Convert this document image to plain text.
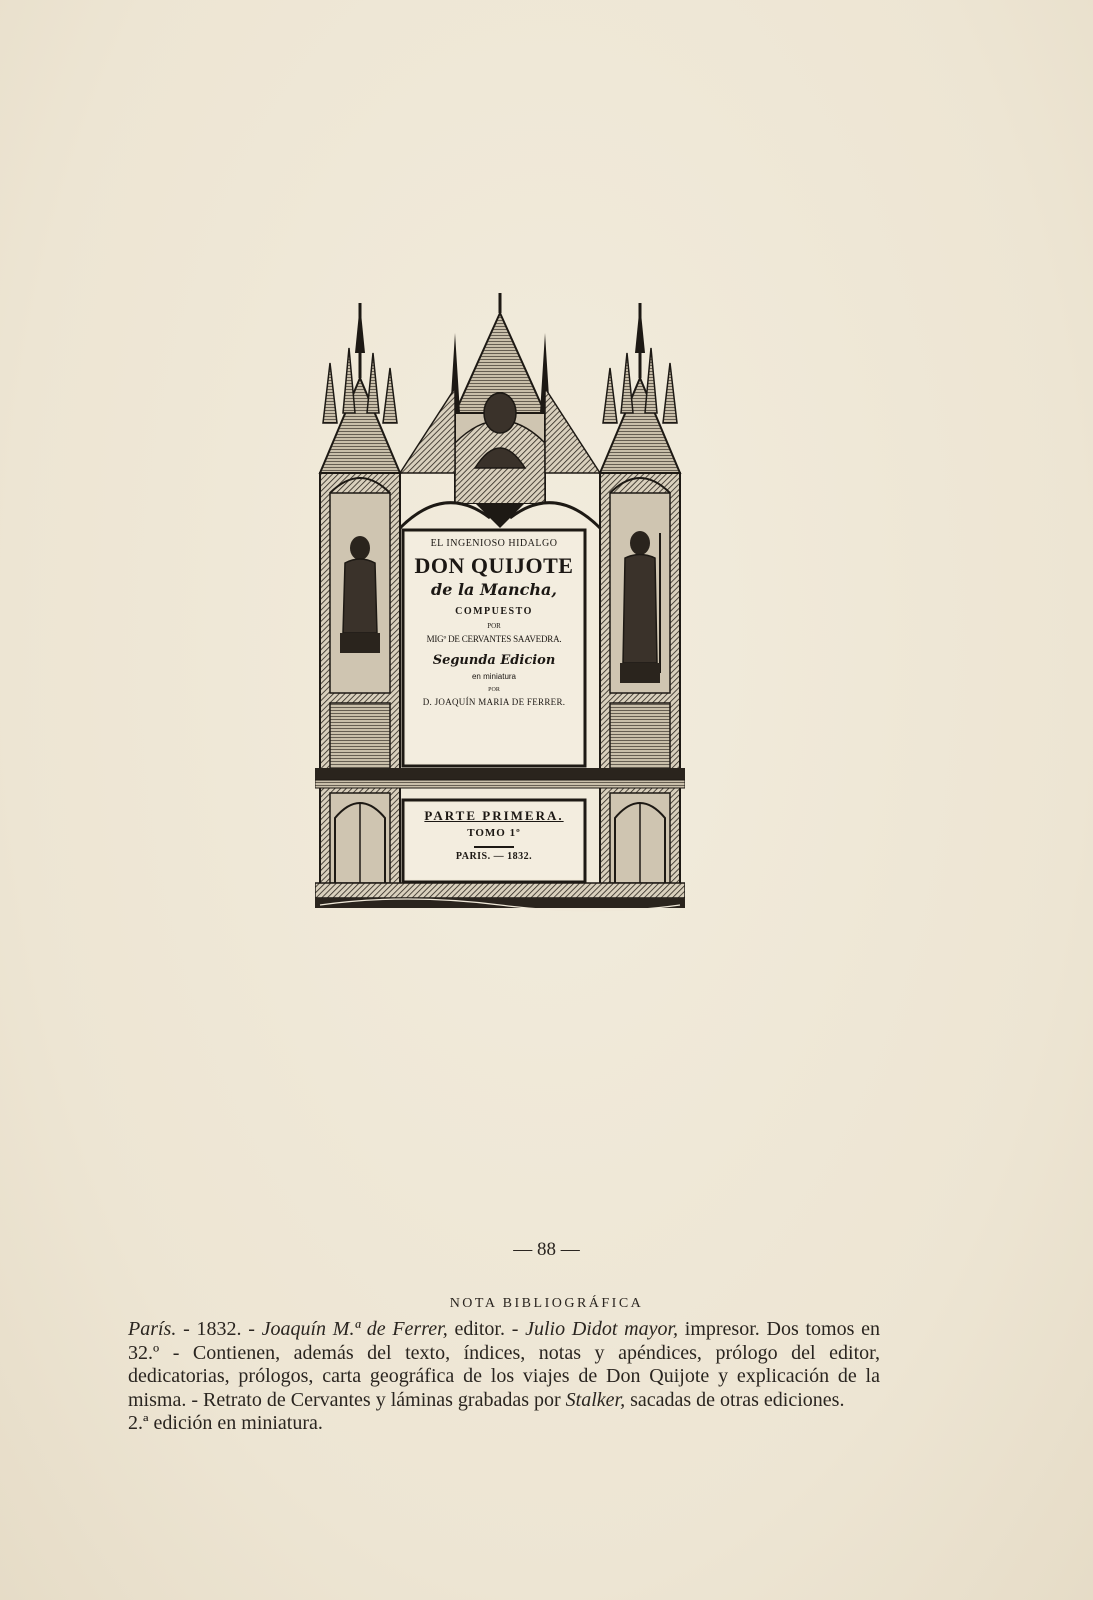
EL INGENIOSO HIDALGO
DON QUIJOTE
de la Mancha,
COMPUESTO
POR
MIGº DE CERVANTES SAAVEDRA.
Segunda Edicion
en miniatura
POR
D. JOAQUÍN MARIA DE FERRER.
PARTE PRIMERA.
TOMO 1º
PARIS. — 1832.
— 88 —
NOTA BIBLIOGRÁFICA

París. - 1832. - Joaquín M.ª de Ferrer, editor. - Julio Didot mayor, impresor. Dos tomos en 32.º - Contienen, además del texto, índices, notas y apéndices, prólogo del editor, dedicatorias, prólogos, carta geográfica de los viajes de Don Quijote y explicación de la misma. - Retrato de Cervantes y láminas grabadas por Stalker, sacadas de otras ediciones.

2.ª edición en miniatura.
